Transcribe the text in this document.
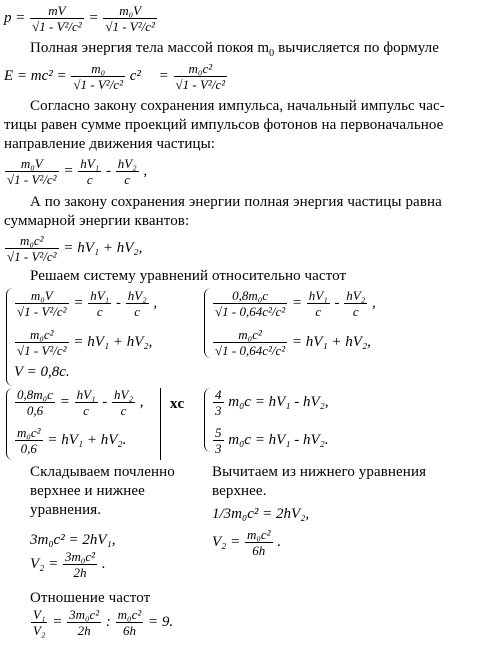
$p = \frac{mV}{\text{√1 - V²/c²}} = \frac{\text{m₀V}}{\text{√1 - V²/c²}}$
Полная энергия тела массой покоя $m_0$ вычисляется по формуле
$E = mc^2 = \frac{\text{m₀}}{\text{√1 - V²/c²}} c^2 = \frac{\text{m₀c²}}{\text{√1 - V²/c²}}$
Согласно закону сохранения импульса, начальный импульс час-
тицы равен сумме проекций импульсов фотонов на первоначальное
направление движения частицы:
$\frac{\text{m₀V}}{\text{√1 - V²/c²}} = \frac{\text{hV₁}}{c} - \frac{\text{hV₂}}{c}$ ,
А по закону сохранения энергии полная энергия частицы равна
суммарной энергии квантов:
$\frac{\text{m₀c²}}{\text{√1 - V²/c²}} = hV_1 + hV_2$,
Решаем систему уравнений относительно частот
$\frac{\text{m₀V}}{\text{√1 - V²/c²}} = \frac{\text{hV₁}}{c} - \frac{\text{hV₂}}{c}$ ,
$\frac{\text{m₀c²}}{\text{√1 - V²/c²}} = hV_1 + hV_2$,
V = 0,8c.
$\frac{\text{0,8m₀c}}{\text{√1 - 0,64c²/c²}} = \frac{\text{hV₁}}{c} - \frac{\text{hV₂}}{c}$ ,
$\frac{\text{m₀c²}}{\text{√1 - 0,64c²/c²}} = hV_1 + hV_2$,
$\frac{\text{0,8m₀c}}{0,6} = \frac{\text{hV₁}}{c} - \frac{\text{hV₂}}{c}$ ,
$\frac{\text{m₀c²}}{0,6} = hV_1 + hV_2$.
xc $\frac{4}{3} m_0c = hV_1 - hV_2$,
$\frac{5}{3} m_0c = hV_1 - hV_2$.
Складываем почленно
верхнее и нижнее
уравнения.
Вычитаем из нижнего уравнения
верхнее.
1/3m₀c² = 2hV₂,
$V_2 = \frac{\text{m₀c²}}{6h}$ .
3m₀c² = 2hV₁,
$V_2 = \frac{\text{3m₀c²}}{2h}$ .
Отношение частот
$\frac{\text{V₁}}{\text{V₂}} = \frac{\text{3m₀c²}}{2h}$ : $\frac{\text{m₀c²}}{6h} = 9$.
